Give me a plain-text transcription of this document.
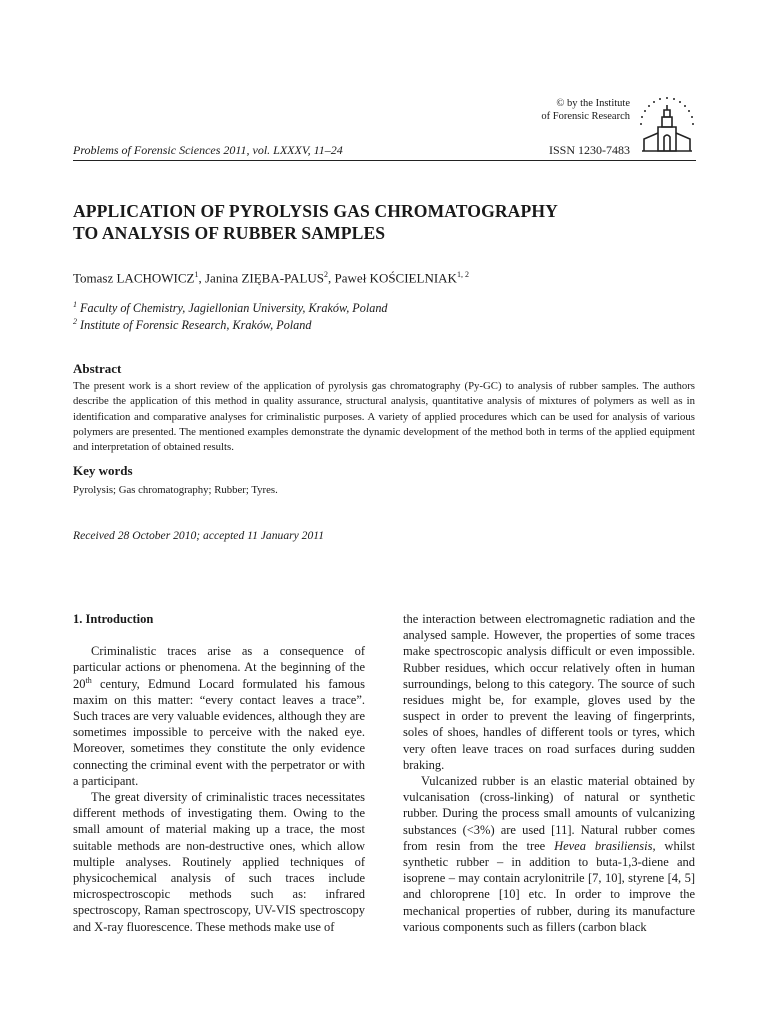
© by the Institute
of Forensic Research
Problems of Forensic Sciences 2011, vol. LXXXV, 11–24	ISSN 1230-7483
APPLICATION OF PYROLYSIS GAS CHROMATOGRAPHY
TO ANALYSIS OF RUBBER SAMPLES
Tomasz LACHOWICZ$^1$, Janina ZIĘBA-PALUS$^2$, Paweł KOŚCIELNIAK$^{1, 2}$
$^1$ Faculty of Chemistry, Jagiellonian University, Kraków, Poland
$^2$ Institute of Forensic Research, Kraków, Poland
Abstract
The present work is a short review of the application of pyrolysis gas chromatography (Py-GC) to analysis of rubber samples. The authors describe the application of this method in quality assurance, structural analysis, quantitative analysis of mixtures of polymers as well as in identification and comparative analyses for criminalistic purposes. A variety of applied procedures which can be used for analysis of various polymers are presented. The mentioned examples demonstrate the dynamic development of the method both in terms of the applied equipment and interpretation of obtained results.
Key words
Pyrolysis; Gas chromatography; Rubber; Tyres.
Received 28 October 2010; accepted 11 January 2011
1. Introduction

Criminalistic traces arise as a consequence of particular actions or phenomena. At the beginning of the 20th century, Edmund Locard formulated his famous maxim on this matter: “every contact leaves a trace”. Such traces are very valuable evidences, although they are sometimes impossible to perceive with the naked eye. Moreover, sometimes they constitute the only evidence connecting the criminal event with the perpetrator or with a participant.

The great diversity of criminalistic traces necessitates different methods of investigating them. Owing to the small amount of material making up a trace, the most suitable methods are non-destructive ones, which allow multiple analyses. Routinely applied techniques of physicochemical analysis of such traces include microspectroscopic methods such as: infrared spectroscopy, Raman spectroscopy, UV-VIS spectroscopy and X-ray fluorescence. These methods make use of

the interaction between electromagnetic radiation and the analysed sample. However, the properties of some traces make spectroscopic analysis difficult or even impossible. Rubber residues, which occur relatively often in human surroundings, belong to this category. The source of such residues might be, for example, gloves used by the suspect in order to prevent the leaving of fingerprints, soles of shoes, handles of different tools or tyres, which very often leave traces on road surfaces during sudden braking.

Vulcanized rubber is an elastic material obtained by vulcanisation (cross-linking) of natural or synthetic rubber. During the process small amounts of vulcanizing substances (<3%) are used [11]. Natural rubber comes from resin from the tree Hevea brasiliensis, whilst synthetic rubber – in addition to buta-1,3-diene and isoprene – may contain acrylonitrile [7, 10], styrene [4, 5] and chloroprene [10] etc. In order to improve the mechanical properties of rubber, during its manufacture various components such as fillers (carbon black
